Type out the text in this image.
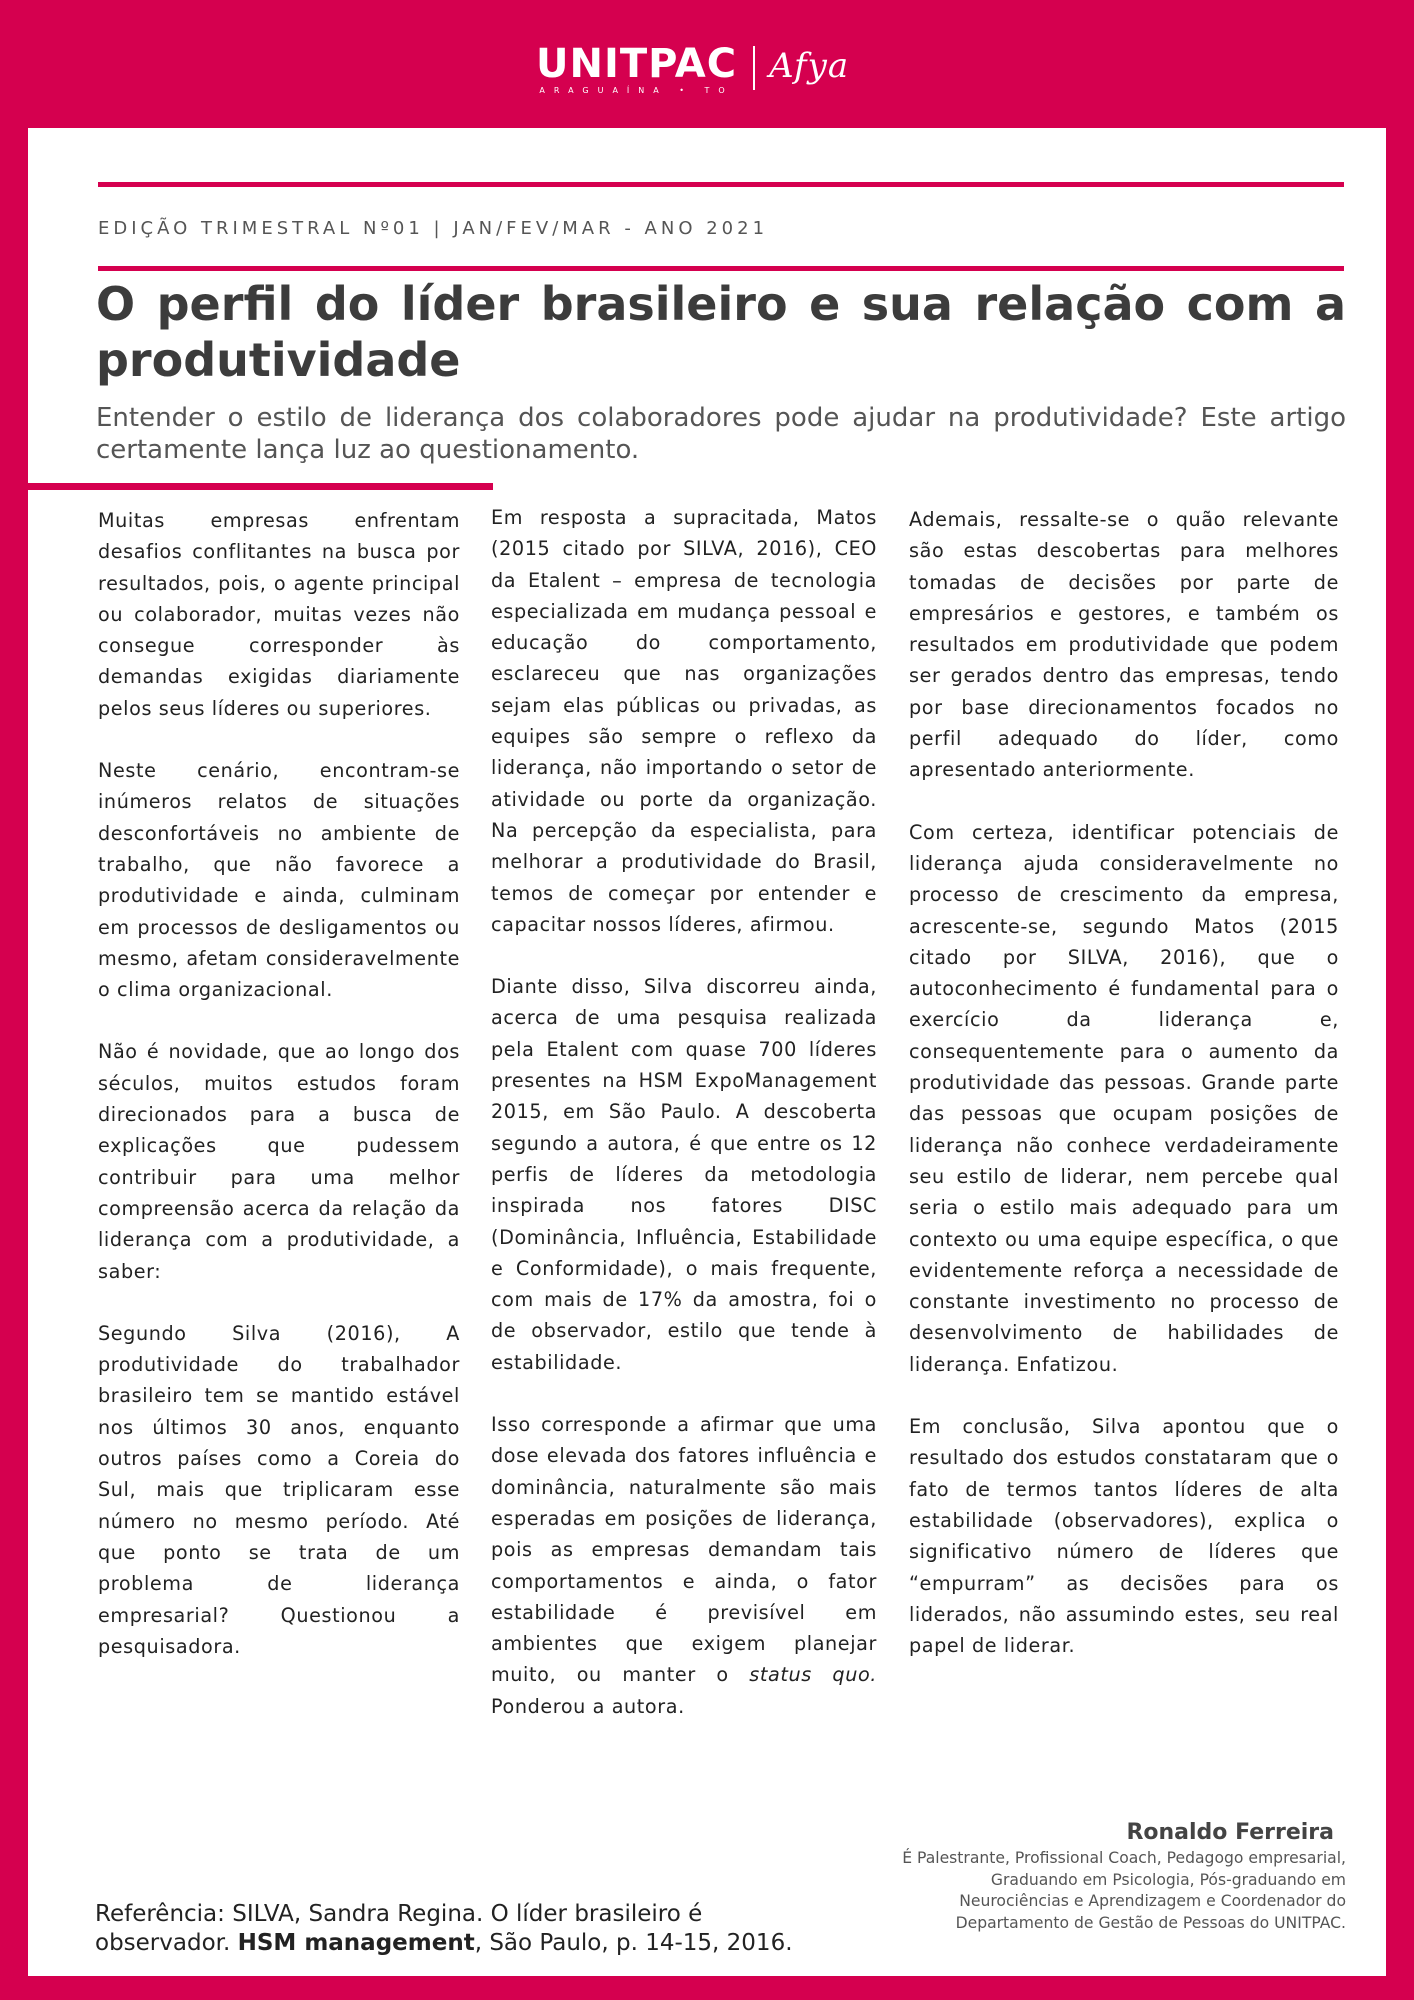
UNITPAC
ARAGUAÍNA • TO
Afya
EDIÇÃO TRIMESTRAL Nº01 | JAN/FEV/MAR - ANO 2021
O perfil do líder brasileiro e sua relação com a produtividade
Entender o estilo de liderança dos colaboradores pode ajudar na produtividade? Este artigo certamente lança luz ao questionamento.

Muitas empresas enfrentam desafios conflitantes na busca por resultados, pois, o agente principal ou colaborador, muitas vezes não consegue corresponder às demandas exigidas diariamente pelos seus líderes ou superiores.

Neste cenário, encontram-se inúmeros relatos de situações desconfortáveis no ambiente de trabalho, que não favorece a produtividade e ainda, culminam em processos de desligamentos ou mesmo, afetam consideravelmente o clima organizacional.

Não é novidade, que ao longo dos séculos, muitos estudos foram direcionados para a busca de explicações que pudessem contribuir para uma melhor compreensão acerca da relação da liderança com a produtividade, a saber:

Segundo Silva (2016), A produtividade do trabalhador brasileiro tem se mantido estável nos últimos 30 anos, enquanto outros países como a Coreia do Sul, mais que triplicaram esse número no mesmo período. Até que ponto se trata de um problema de liderança empresarial? Questionou a pesquisadora.

Em resposta a supracitada, Matos (2015 citado por SILVA, 2016), CEO da Etalent – empresa de tecnologia especializada em mudança pessoal e educação do comportamento, esclareceu que nas organizações sejam elas públicas ou privadas, as equipes são sempre o reflexo da liderança, não importando o setor de atividade ou porte da organização. Na percepção da especialista, para melhorar a produtividade do Brasil, temos de começar por entender e capacitar nossos líderes, afirmou.

Diante disso, Silva discorreu ainda, acerca de uma pesquisa realizada pela Etalent com quase 700 líderes presentes na HSM ExpoManagement 2015, em São Paulo. A descoberta segundo a autora, é que entre os 12 perfis de líderes da metodologia inspirada nos fatores DISC (Dominância, Influência, Estabilidade e Conformidade), o mais frequente, com mais de 17% da amostra, foi o de observador, estilo que tende à estabilidade.

Isso corresponde a afirmar que uma dose elevada dos fatores influência e dominância, naturalmente são mais esperadas em posições de liderança, pois as empresas demandam tais comportamentos e ainda, o fator estabilidade é previsível em ambientes que exigem planejar muito, ou manter o status quo. Ponderou a autora.

Ademais, ressalte-se o quão relevante são estas descobertas para melhores tomadas de decisões por parte de empresários e gestores, e também os resultados em produtividade que podem ser gerados dentro das empresas, tendo por base direcionamentos focados no perfil adequado do líder, como apresentado anteriormente.

Com certeza, identificar potenciais de liderança ajuda consideravelmente no processo de crescimento da empresa, acrescente-se, segundo Matos (2015 citado por SILVA, 2016), que o autoconhecimento é fundamental para o exercício da liderança e, consequentemente para o aumento da produtividade das pessoas. Grande parte das pessoas que ocupam posições de liderança não conhece verdadeiramente seu estilo de liderar, nem percebe qual seria o estilo mais adequado para um contexto ou uma equipe específica, o que evidentemente reforça a necessidade de constante investimento no processo de desenvolvimento de habilidades de liderança. Enfatizou.

Em conclusão, Silva apontou que o resultado dos estudos constataram que o fato de termos tantos líderes de alta estabilidade (observadores), explica o significativo número de líderes que “empurram” as decisões para os liderados, não assumindo estes, seu real papel de liderar.

Ronaldo Ferreira
É Palestrante, Profissional Coach, Pedagogo empresarial, Graduando em Psicologia, Pós-graduando em Neurociências e Aprendizagem e Coordenador do Departamento de Gestão de Pessoas do UNITPAC.
Referência: SILVA, Sandra Regina. O líder brasileiro é observador. HSM management, São Paulo, p. 14-15, 2016.
